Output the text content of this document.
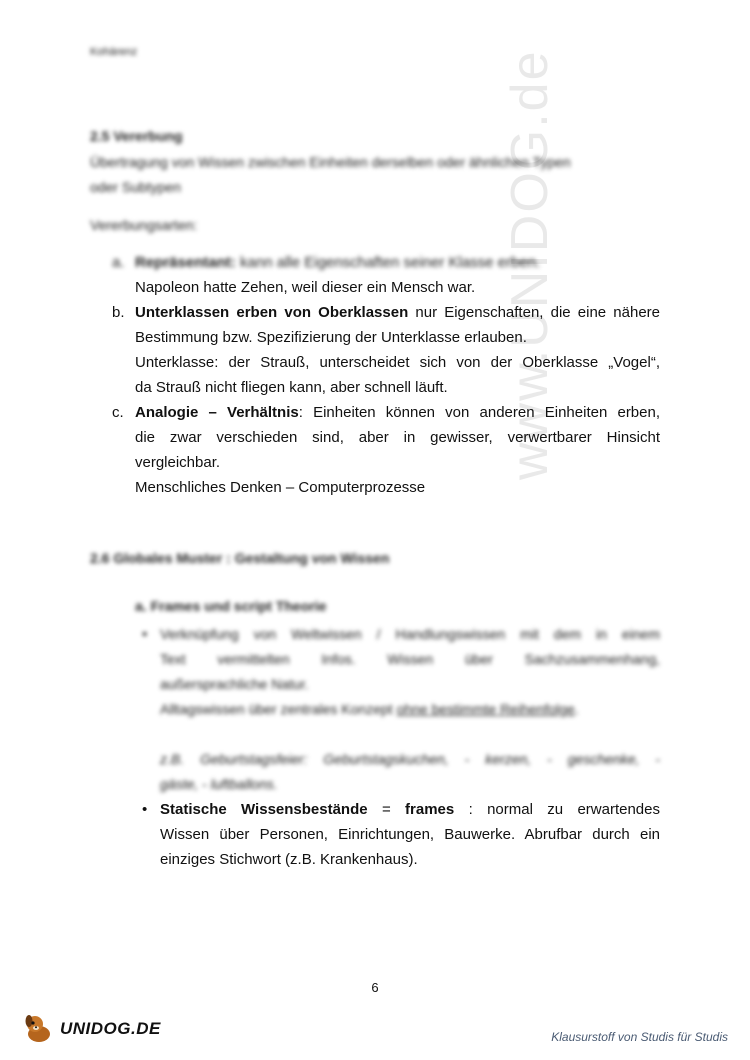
www.UNIDOG.de
Kohärenz
2.5 Vererbung
Übertragung von Wissen zwischen Einheiten derselben oder ähnlichen Typen
oder Subtypen
Vererbungsarten:
a. Repräsentant: kann alle Eigenschaften seiner Klasse erben.
Napoleon hatte Zehen, weil dieser ein Mensch war.
b. Unterklassen erben von Oberklassen nur Eigenschaften, die eine nähere
Bestimmung bzw. Spezifizierung der Unterklasse erlauben.
Unterklasse: der Strauß, unterscheidet sich von der Oberklasse „Vogel“,
da Strauß nicht fliegen kann, aber schnell läuft.
c. Analogie – Verhältnis: Einheiten können von anderen Einheiten erben,
die zwar verschieden sind, aber in gewisser, verwertbarer Hinsicht
vergleichbar.
Menschliches Denken – Computerprozesse
2.6 Globales Muster : Gestaltung von Wissen
a. Frames und script Theorie
• Verknüpfung von Weltwissen / Handlungswissen mit dem in einem
Text vermittelten Infos. Wissen über Sachzusammenhang,
außersprachliche Natur.
Alltagswissen über zentrales Konzept ohne bestimmte Reihenfolge.
z.B. Geburtstagsfeier: Geburtstagskuchen, - kerzen, - geschenke, -
gäste, - luftballons.
• Statische Wissensbestände = frames : normal zu erwartendes
Wissen über Personen, Einrichtungen, Bauwerke. Abrufbar durch ein
einziges Stichwort (z.B. Krankenhaus).
6
UNIDOG.DE	Klausurstoff von Studis für Studis
